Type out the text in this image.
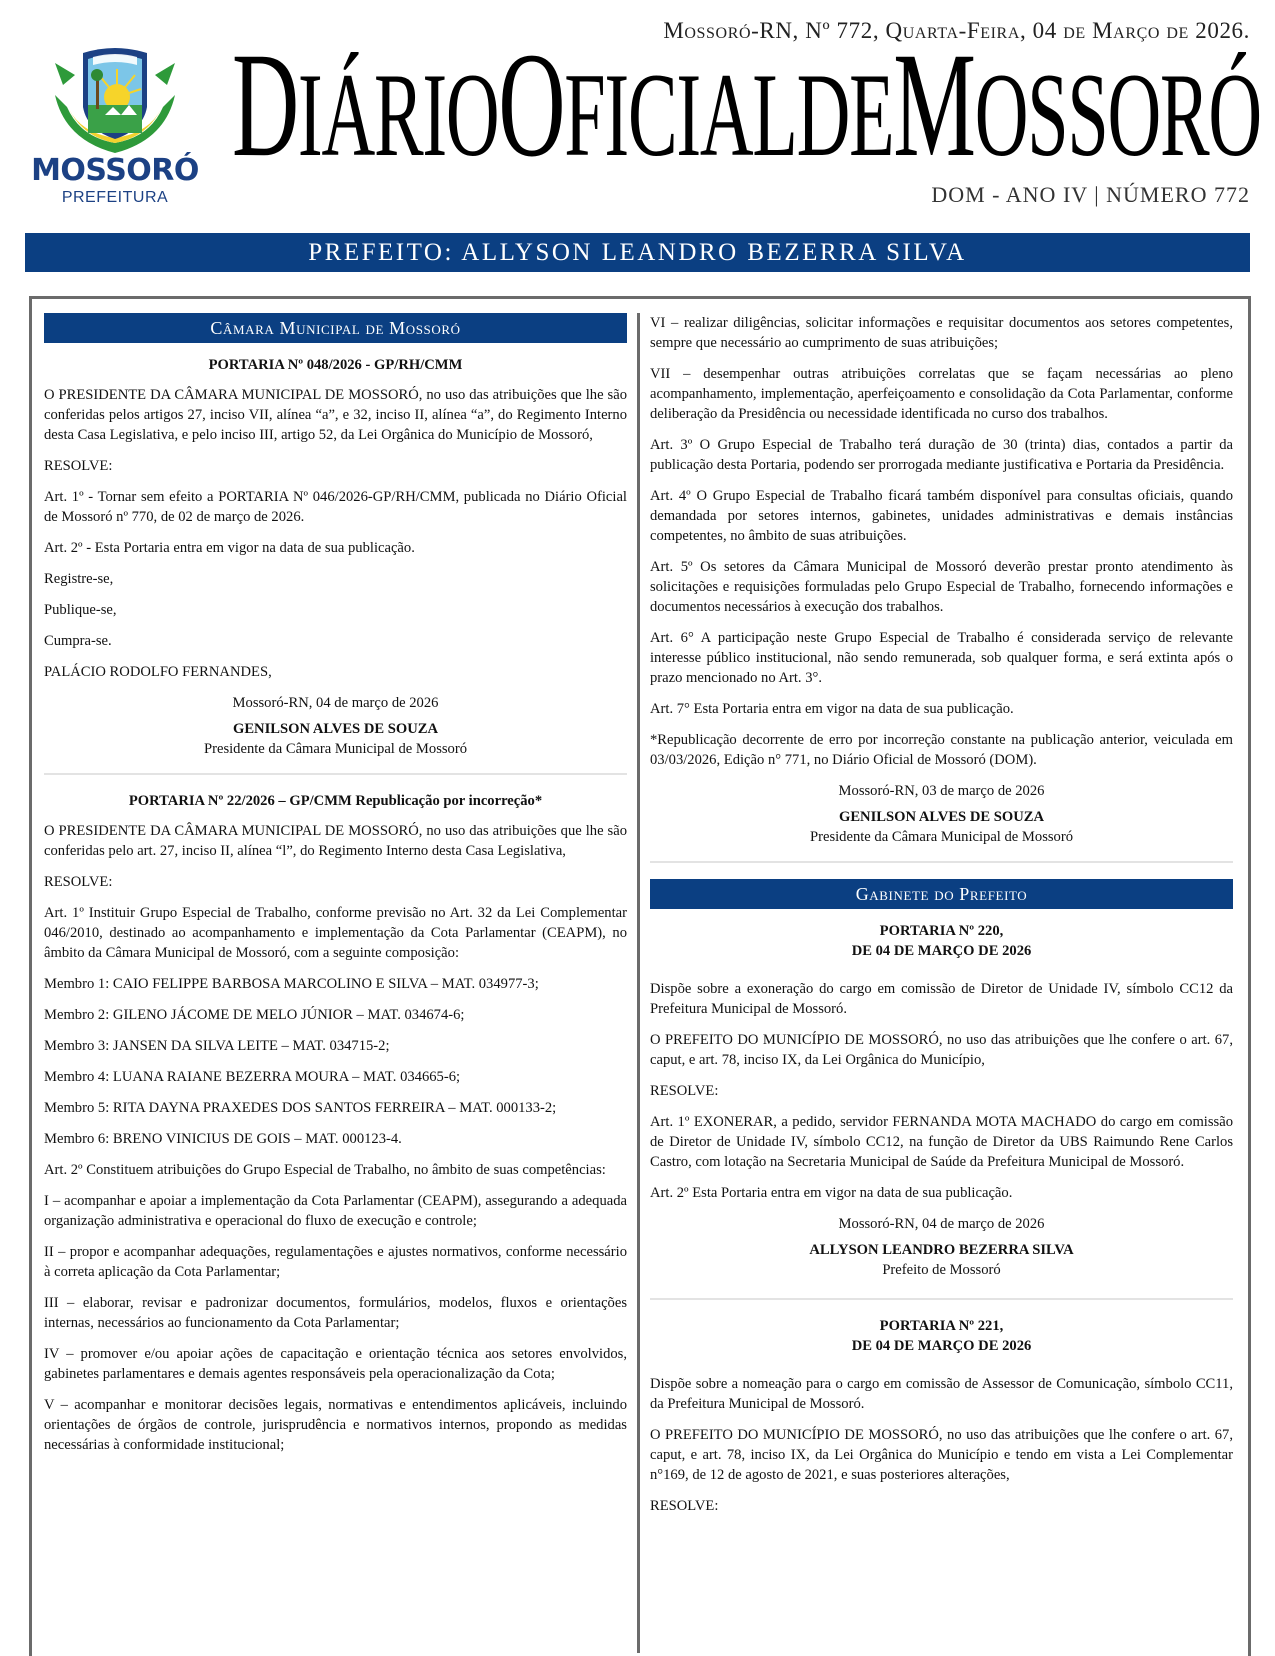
MOSSORÓ
PREFEITURA
Mossoró-RN, Nº 772, Quarta-Feira, 04 de Março de 2026.
DIÁRIOOFICIALDEMOSSORÓ
DOM - ANO IV | NÚMERO 772
PREFEITO: ALLYSON LEANDRO BEZERRA SILVA
Câmara Municipal de Mossoró

PORTARIA Nº 048/2026 - GP/RH/CMM

O PRESIDENTE DA CÂMARA MUNICIPAL DE MOSSORÓ, no uso das atribuições que lhe são conferidas pelos artigos 27, inciso VII, alínea “a”, e 32, inciso II, alínea “a”, do Regimento Interno desta Casa Legislativa, e pelo inciso III, artigo 52, da Lei Orgânica do Município de Mossoró,

RESOLVE:

Art. 1º - Tornar sem efeito a PORTARIA Nº 046/2026-GP/RH/CMM, publicada no Diário Oficial de Mossoró nº 770, de 02 de março de 2026.

Art. 2º - Esta Portaria entra em vigor na data de sua publicação.

Registre-se,

Publique-se,

Cumpra-se.

PALÁCIO RODOLFO FERNANDES,

Mossoró-RN, 04 de março de 2026

GENILSON ALVES DE SOUZA

Presidente da Câmara Municipal de Mossoró

PORTARIA Nº 22/2026 – GP/CMM Republicação por incorreção*

O PRESIDENTE DA CÂMARA MUNICIPAL DE MOSSORÓ, no uso das atribuições que lhe são conferidas pelo art. 27, inciso II, alínea “l”, do Regimento Interno desta Casa Legislativa,

RESOLVE:

Art. 1º Instituir Grupo Especial de Trabalho, conforme previsão no Art. 32 da Lei Complementar 046/2010, destinado ao acompanhamento e implementação da Cota Parlamentar (CEAPM), no âmbito da Câmara Municipal de Mossoró, com a seguinte composição:

Membro 1: CAIO FELIPPE BARBOSA MARCOLINO E SILVA – MAT. 034977-3;

Membro 2: GILENO JÁCOME DE MELO JÚNIOR – MAT. 034674-6;

Membro 3: JANSEN DA SILVA LEITE – MAT. 034715-2;

Membro 4: LUANA RAIANE BEZERRA MOURA – MAT. 034665-6;

Membro 5: RITA DAYNA PRAXEDES DOS SANTOS FERREIRA – MAT. 000133-2;

Membro 6: BRENO VINICIUS DE GOIS – MAT. 000123-4.

Art. 2º Constituem atribuições do Grupo Especial de Trabalho, no âmbito de suas competências:

I – acompanhar e apoiar a implementação da Cota Parlamentar (CEAPM), assegurando a adequada organização administrativa e operacional do fluxo de execução e controle;

II – propor e acompanhar adequações, regulamentações e ajustes normativos, conforme necessário à correta aplicação da Cota Parlamentar;

III – elaborar, revisar e padronizar documentos, formulários, modelos, fluxos e orientações internas, necessários ao funcionamento da Cota Parlamentar;

IV – promover e/ou apoiar ações de capacitação e orientação técnica aos setores envolvidos, gabinetes parlamentares e demais agentes responsáveis pela operacionalização da Cota;

V – acompanhar e monitorar decisões legais, normativas e entendimentos aplicáveis, incluindo orientações de órgãos de controle, jurisprudência e normativos internos, propondo as medidas necessárias à conformidade institucional;

VI – realizar diligências, solicitar informações e requisitar documentos aos setores competentes, sempre que necessário ao cumprimento de suas atribuições;

VII – desempenhar outras atribuições correlatas que se façam necessárias ao pleno acompanhamento, implementação, aperfeiçoamento e consolidação da Cota Parlamentar, conforme deliberação da Presidência ou necessidade identificada no curso dos trabalhos.

Art. 3º O Grupo Especial de Trabalho terá duração de 30 (trinta) dias, contados a partir da publicação desta Portaria, podendo ser prorrogada mediante justificativa e Portaria da Presidência.

Art. 4º O Grupo Especial de Trabalho ficará também disponível para consultas oficiais, quando demandada por setores internos, gabinetes, unidades administrativas e demais instâncias competentes, no âmbito de suas atribuições.

Art. 5º Os setores da Câmara Municipal de Mossoró deverão prestar pronto atendimento às solicitações e requisições formuladas pelo Grupo Especial de Trabalho, fornecendo informações e documentos necessários à execução dos trabalhos.

Art. 6° A participação neste Grupo Especial de Trabalho é considerada serviço de relevante interesse público institucional, não sendo remunerada, sob qualquer forma, e será extinta após o prazo mencionado no Art. 3°.

Art. 7° Esta Portaria entra em vigor na data de sua publicação.

*Republicação decorrente de erro por incorreção constante na publicação anterior, veiculada em 03/03/2026, Edição n° 771, no Diário Oficial de Mossoró (DOM).

Mossoró-RN, 03 de março de 2026

GENILSON ALVES DE SOUZA

Presidente da Câmara Municipal de Mossoró

Gabinete do Prefeito

PORTARIA Nº 220,

DE 04 DE MARÇO DE 2026

Dispõe sobre a exoneração do cargo em comissão de Diretor de Unidade IV, símbolo CC12 da Prefeitura Municipal de Mossoró.

O PREFEITO DO MUNICÍPIO DE MOSSORÓ, no uso das atribuições que lhe confere o art. 67, caput, e art. 78, inciso IX, da Lei Orgânica do Município,

RESOLVE:

Art. 1º EXONERAR, a pedido, servidor FERNANDA MOTA MACHADO do cargo em comissão de Diretor de Unidade IV, símbolo CC12, na função de Diretor da UBS Raimundo Rene Carlos Castro, com lotação na Secretaria Municipal de Saúde da Prefeitura Municipal de Mossoró.

Art. 2º Esta Portaria entra em vigor na data de sua publicação.

Mossoró-RN, 04 de março de 2026

ALLYSON LEANDRO BEZERRA SILVA

Prefeito de Mossoró

PORTARIA Nº 221,

DE 04 DE MARÇO DE 2026

Dispõe sobre a nomeação para o cargo em comissão de Assessor de Comunicação, símbolo CC11, da Prefeitura Municipal de Mossoró.

O PREFEITO DO MUNICÍPIO DE MOSSORÓ, no uso das atribuições que lhe confere o art. 67, caput, e art. 78, inciso IX, da Lei Orgânica do Município e tendo em vista a Lei Complementar n°169, de 12 de agosto de 2021, e suas posteriores alterações,

RESOLVE:
